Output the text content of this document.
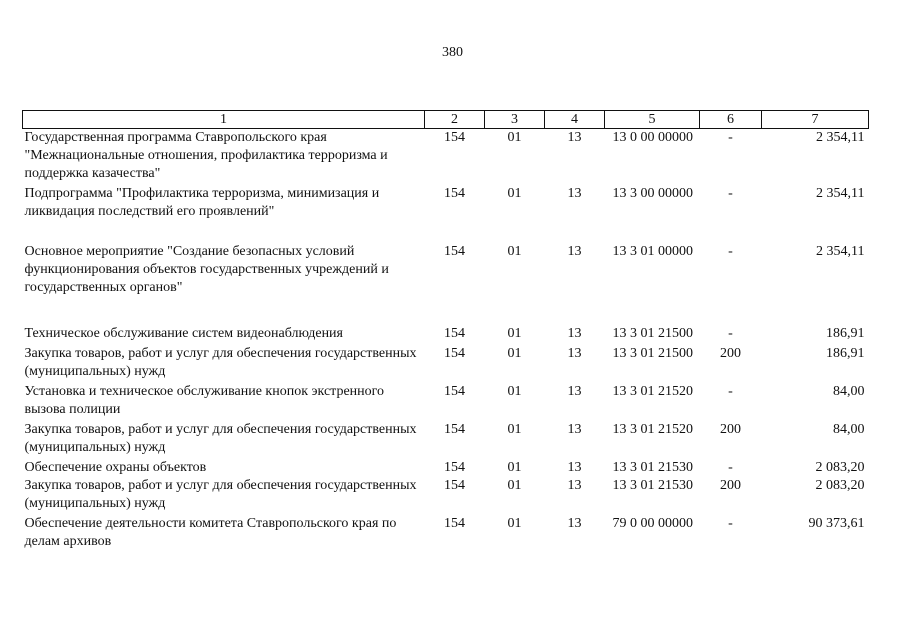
380
1	2	3	4	5	6	7
Государственная программа Ставропольского края "Межнациональные отношения, профилактика терроризма и поддержка казачества"	154	01	13	13 0 00 00000	-	2 354,11
Подпрограмма "Профилактика терроризма, минимизация и ликвидация последствий его проявлений"	154	01	13	13 3 00 00000	-	2 354,11
Основное мероприятие "Создание безопасных условий функционирования объектов государственных учреждений и государственных органов"	154	01	13	13 3 01 00000	-	2 354,11
Техническое обслуживание систем видеонаблюдения	154	01	13	13 3 01 21500	-	186,91
Закупка товаров, работ и услуг для обеспечения государственных (муниципальных) нужд	154	01	13	13 3 01 21500	200	186,91
Установка и техническое обслуживание кнопок экстренного вызова полиции	154	01	13	13 3 01 21520	-	84,00
Закупка товаров, работ и услуг для обеспечения государственных (муниципальных) нужд	154	01	13	13 3 01 21520	200	84,00
Обеспечение охраны объектов	154	01	13	13 3 01 21530	-	2 083,20
Закупка товаров, работ и услуг для обеспечения государственных (муниципальных) нужд	154	01	13	13 3 01 21530	200	2 083,20
Обеспечение деятельности комитета Ставропольского края по делам архивов	154	01	13	79 0 00 00000	-	90 373,61
